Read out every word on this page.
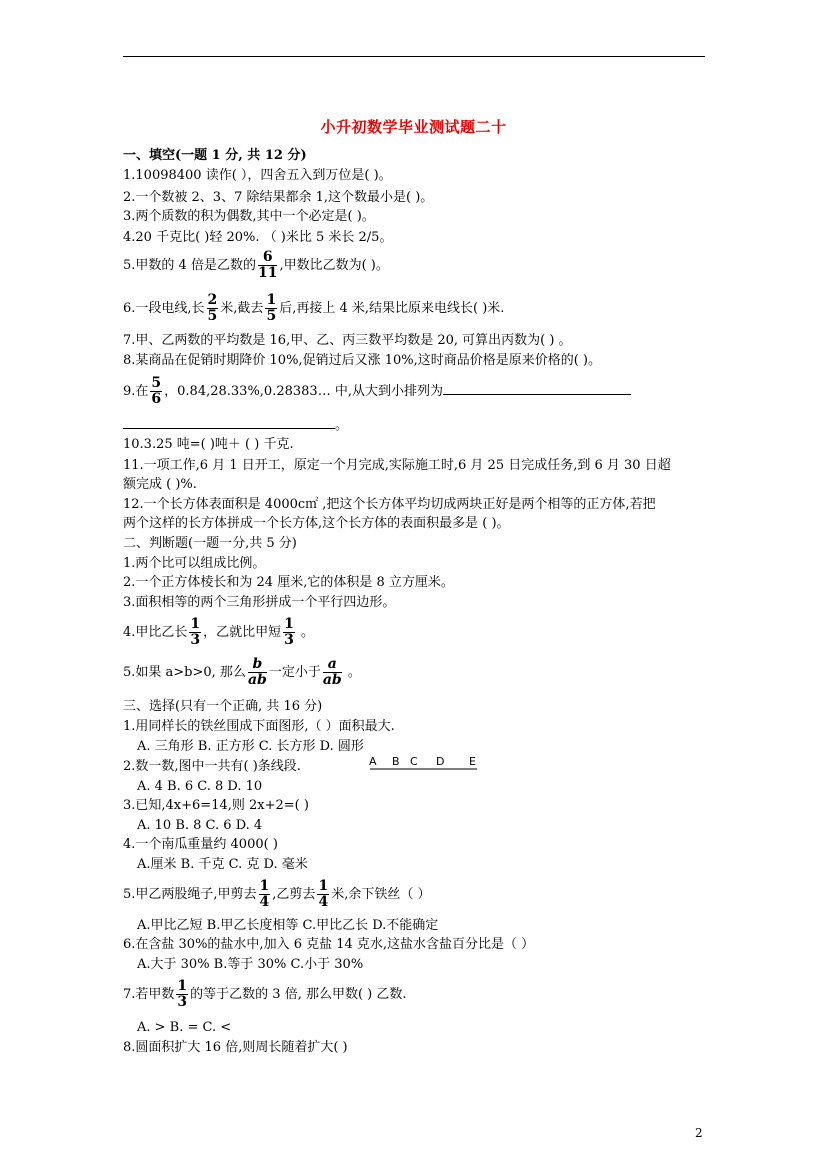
小升初数学毕业测试题二十
一、填空(一题 1 分, 共 12 分)
1.10098400 读作( ），四舍五入到万位是( )。
2.一个数被 2、3、7 除结果都余 1,这个数最小是( )。
3.两个质数的积为偶数,其中一个必定是( )。
4.20 千克比( )轻 20%. （ )米比 5 米长 2/5。
5.甲数的 4 倍是乙数的 $\frac{6}{11}$ ,甲数比乙数为( )。
6.一段电线,长 $\frac{2}{5}$ 米,截去 $\frac{1}{5}$ 后,再接上 4 米,结果比原来电线长( )米.
7.甲、乙两数的平均数是 16,甲、乙、丙三数平均数是 20, 可算出丙数为( ) 。
8.某商品在促销时期降价 10%,促销过后又涨 10%,这时商品价格是原来价格的( )。
9.在 $\frac{5}{6}$ ，0.84,28.33%,0.28383… 中,从大到小排列为
。
10.3.25 吨=( )吨＋ ( ) 千克.
11.一项工作,6 月 1 日开工，原定一个月完成,实际施工时,6 月 25 日完成任务,到 6 月 30 日超
额完成 ( )%.
12.一个长方体表面积是 4000c㎡ ,把这个长方体平均切成两块正好是两个相等的正方体,若把
两个这样的长方体拼成一个长方体,这个长方体的表面积最多是 ( )。
二、判断题(一题一分,共 5 分)
1.两个比可以组成比例。
2.一个正方体棱长和为 24 厘米,它的体积是 8 立方厘米。
3.面积相等的两个三角形拼成一个平行四边形。
4.甲比乙长 $\frac{1}{3}$ ，乙就比甲短 $\frac{1}{3}$ 。
5.如果 a>b>0, 那么 $\frac{b}{ab}$ 一定小于 $\frac{a}{ab}$ 。
三、选择(只有一个正确, 共 16 分)
1.用同样长的铁丝围成下面图形,（ ）面积最大.
A. 三角形 B. 正方形 C. 长方形 D. 圆形
2.数一数,图中一共有( )条线段.	A B C D E
A. 4 B. 6 C. 8 D. 10
3.已知,4x+6=14,则 2x+2=( )
A. 10 B. 8 C. 6 D. 4
4.一个南瓜重量约 4000( )
A.厘米 B. 千克 C. 克 D. 毫米
5.甲乙两股绳子,甲剪去 $\frac{1}{4}$ ,乙剪去 $\frac{1}{4}$ 米,余下铁丝（ ）
A.甲比乙短 B.甲乙长度相等 C.甲比乙长 D.不能确定
6.在含盐 30%的盐水中,加入 6 克盐 14 克水,这盐水含盐百分比是（ ）
A.大于 30% B.等于 30% C.小于 30%
7.若甲数 $\frac{1}{3}$ 的等于乙数的 3 倍, 那么甲数( ) 乙数.
A. > B. = C. <
8.圆面积扩大 16 倍,则周长随着扩大( )
2
